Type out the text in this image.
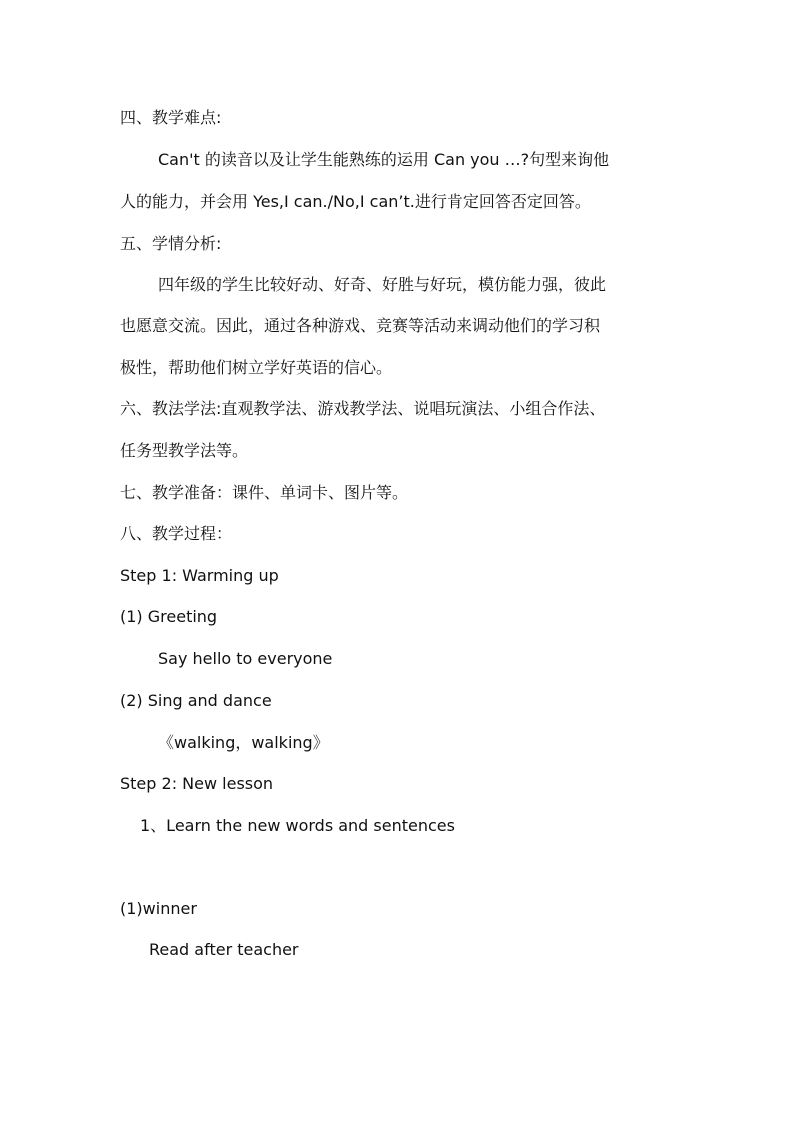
四、教学难点:
Can't 的读音以及让学生能熟练的运用 Can you …?句型来询他
人的能力，并会用 Yes,I can./No,I can’t.进行肯定回答否定回答。
五、学情分析:
四年级的学生比较好动、好奇、好胜与好玩，模仿能力强，彼此
也愿意交流。因此，通过各种游戏、竞赛等活动来调动他们的学习积
极性，帮助他们树立学好英语的信心。
六、教法学法:直观教学法、游戏教学法、说唱玩演法、小组合作法、
任务型教学法等。
七、教学准备：课件、单词卡、图片等。
八、教学过程：
Step 1: Warming up
(1) Greeting
Say hello to everyone
(2) Sing and dance
《walking，walking》
Step 2: New lesson
1、Learn the new words and sentences
(1)winner
Read after teacher
